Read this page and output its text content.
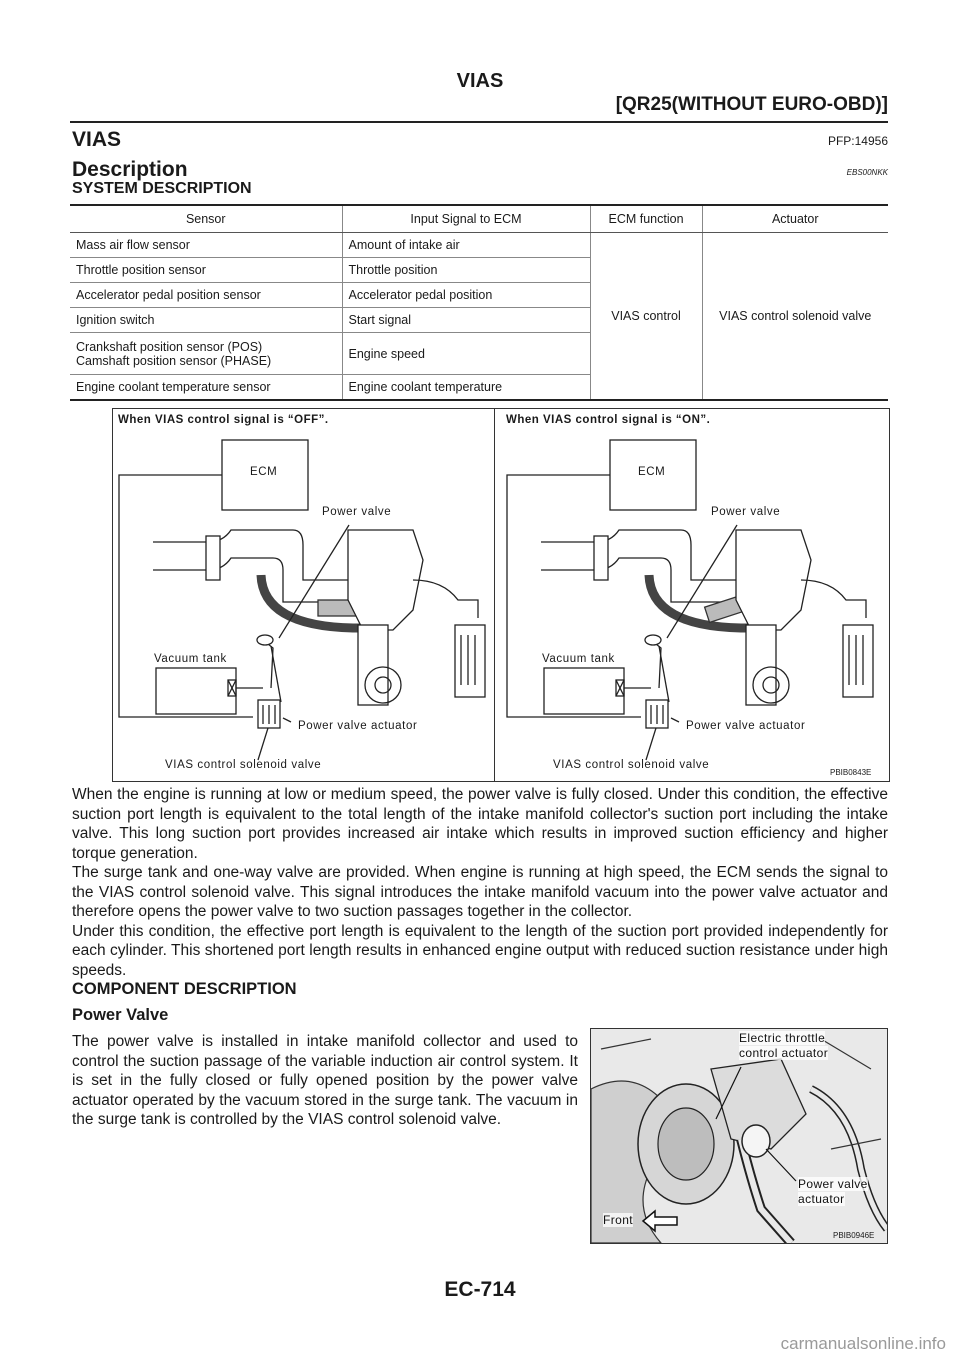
VIAS
[QR25(WITHOUT EURO-OBD)]
VIAS	PFP:14956
Description	EBS00NKK
SYSTEM DESCRIPTION
Sensor	Input Signal to ECM	ECM function	Actuator
Mass air flow sensor	Amount of intake air	VIAS control	VIAS control solenoid valve
Throttle position sensor	Throttle position		
Accelerator pedal position sensor	Accelerator pedal position		
Ignition switch	Start signal		

Crankshaft position sensor (POS)
Camshaft position sensor (PHASE)	Engine speed		
Engine coolant temperature sensor	Engine coolant temperature		
When VIAS control signal is “OFF”.	When VIAS control signal is “ON”.
ECM
Power valve
Vacuum tank
Power valve actuator
VIAS control solenoid valve
ECM
Power valve
Vacuum tank
Power valve actuator
VIAS control solenoid valve
PBIB0843E

When the engine is running at low or medium speed, the power valve is fully closed. Under this condition, the effective suction port length is equivalent to the total length of the intake manifold collector's suction port including the intake valve. This long suction port provides increased air intake which results in improved suction efficiency and higher torque generation.

The surge tank and one-way valve are provided. When engine is running at high speed, the ECM sends the signal to the VIAS control solenoid valve. This signal introduces the intake manifold vacuum into the power valve actuator and therefore opens the power valve to two suction passages together in the collector.

Under this condition, the effective port length is equivalent to the length of the suction port provided independently for each cylinder. This shortened port length results in enhanced engine output with reduced suction resistance under high speeds.

COMPONENT DESCRIPTION
Power Valve
The power valve is installed in intake manifold collector and used to control the suction passage of the variable induction air control system. It is set in the fully closed or fully opened position by the power valve actuator operated by the vacuum stored in the surge tank. The vacuum in the surge tank is controlled by the VIAS control solenoid valve.
Electric throttle
control actuator
Power valve
actuator
Front
PBIB0946E
EC-714
carmanualsonline.info
